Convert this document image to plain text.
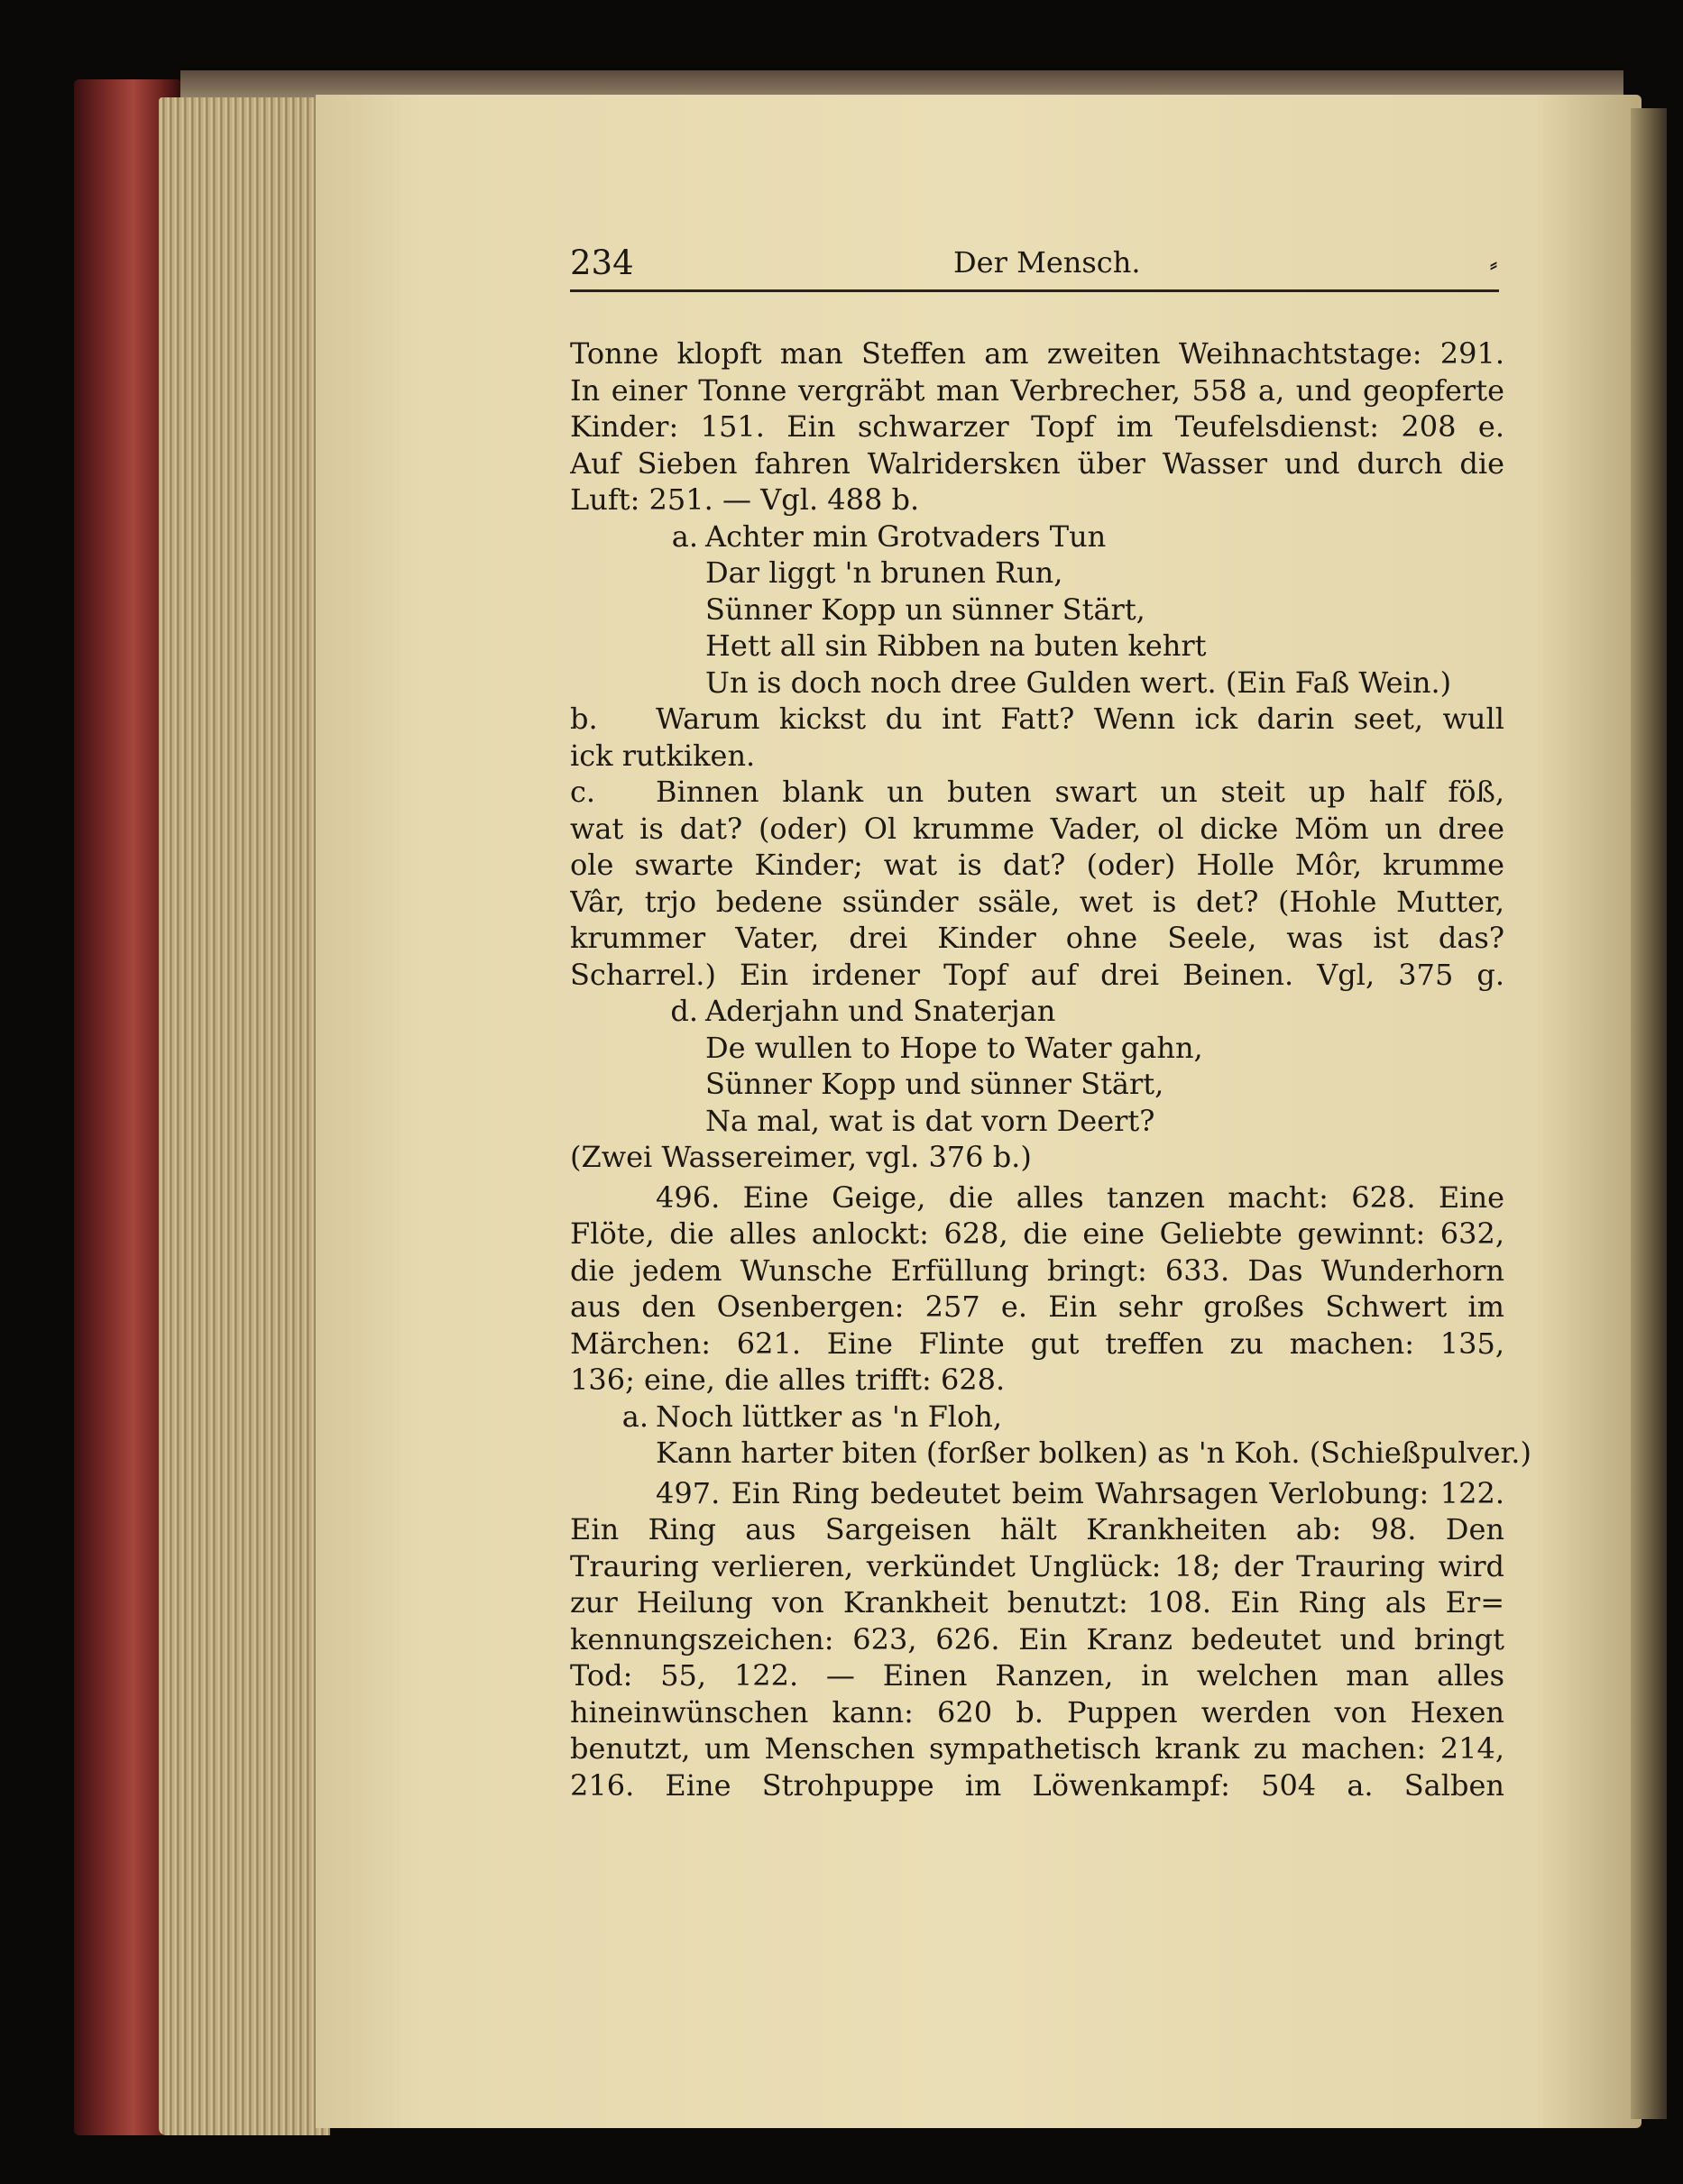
234	Der Mensch.	⸗
Tonne klopft man Steffen am zweiten Weihnachtstage: 291.
In einer Tonne vergräbt man Verbrecher, 558 a, und geopferte
Kinder: 151. Ein schwarzer Topf im Teufelsdienst: 208 e.
Auf Sieben fahren Walriderskєn über Wasser und durch die
Luft: 251. — Vgl. 488 b.
a. Achter min Grotvaders Tun
Dar liggt 'n brunen Run,
Sünner Kopp un sünner Stärt,
Hett all sin Ribben na buten kehrt
Un is doch noch dree Gulden wert. (Ein Faß Wein.)
b. Warum kickst du int Fatt? Wenn ick darin seet, wull
ick rutkiken.
c. Binnen blank un buten swart un steit up half föß,
wat is dat? (oder) Ol krumme Vader, ol dicke Möm un dree
ole swarte Kinder; wat is dat? (oder) Holle Môr, krumme
Vâr, trjo bedene ssünder ssäle, wet is det? (Hohle Mutter,
krummer Vater, drei Kinder ohne Seele, was ist das?
Scharrel.) Ein irdener Topf auf drei Beinen. Vgl, 375 g.
d. Aderjahn und Snaterjan
De wullen to Hope to Water gahn,
Sünner Kopp und sünner Stärt,
Na mal, wat is dat vorn Deert?
(Zwei Wassereimer, vgl. 376 b.)
496. Eine Geige, die alles tanzen macht: 628. Eine
Flöte, die alles anlockt: 628, die eine Geliebte gewinnt: 632,
die jedem Wunsche Erfüllung bringt: 633. Das Wunderhorn
aus den Osenbergen: 257 e. Ein sehr großes Schwert im
Märchen: 621. Eine Flinte gut treffen zu machen: 135,
136; eine, die alles trifft: 628.
a. Noch lüttker as 'n Floh,
Kann harter biten (forßer bolken) as 'n Koh. (Schießpulver.)
497. Ein Ring bedeutet beim Wahrsagen Verlobung: 122.
Ein Ring aus Sargeisen hält Krankheiten ab: 98. Den
Trauring verlieren, verkündet Unglück: 18; der Trauring wird
zur Heilung von Krankheit benutzt: 108. Ein Ring als Er=
kennungszeichen: 623, 626. Ein Kranz bedeutet und bringt
Tod: 55, 122. — Einen Ranzen, in welchen man alles
hineinwünschen kann: 620 b. Puppen werden von Hexen
benutzt, um Menschen sympathetisch krank zu machen: 214,
216. Eine Strohpuppe im Löwenkampf: 504 a. Salben
